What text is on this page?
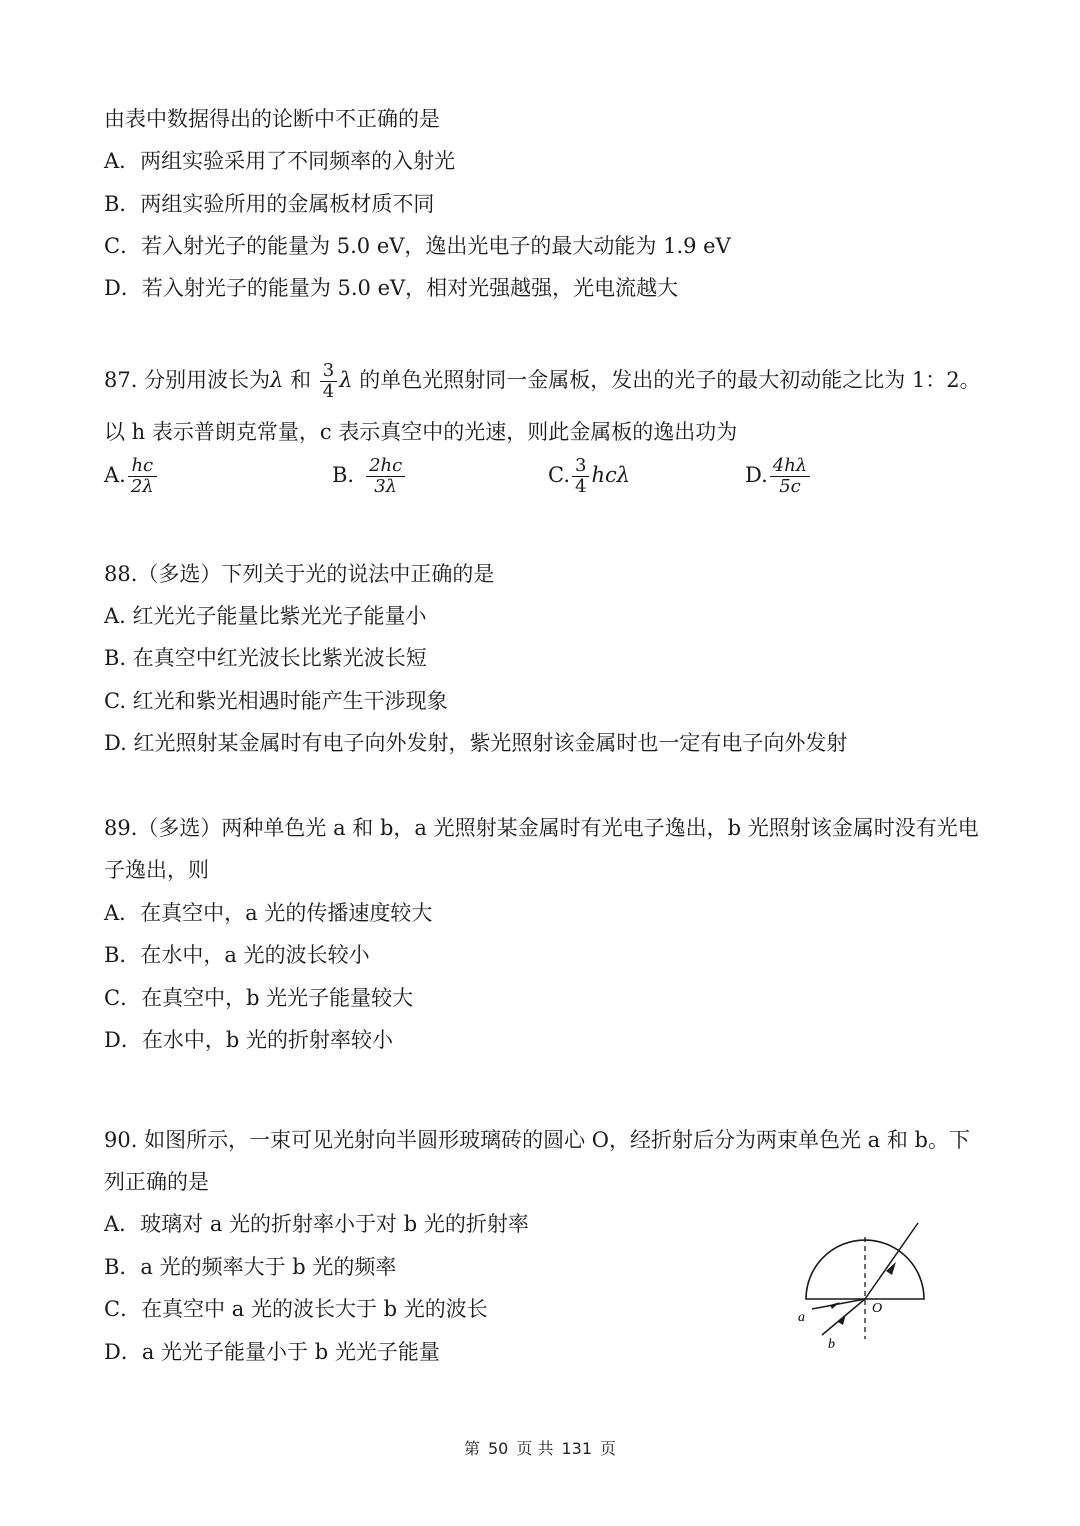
由表中数据得出的论断中不正确的是
A．两组实验采用了不同频率的入射光
B．两组实验所用的金属板材质不同
C．若入射光子的能量为 5.0 eV，逸出光电子的最大动能为 1.9 eV
D．若入射光子的能量为 5.0 eV，相对光强越强，光电流越大
87. 分别用波长为λ 和 $\frac{3}{4}$ λ 的单色光照射同一金属板，发出的光子的最大初动能之比为 1：2。
以 h 表示普朗克常量，c 表示真空中的光速，则此金属板的逸出功为
A. $\frac{hc}{2\lambda}$	B. $\frac{2hc}{3\lambda}$	C. $\frac{3}{4}$ hcλ	D. $\frac{4h\lambda}{5c}$
88.（多选）下列关于光的说法中正确的是
A. 红光光子能量比紫光光子能量小
B. 在真空中红光波长比紫光波长短
C. 红光和紫光相遇时能产生干涉现象
D. 红光照射某金属时有电子向外发射，紫光照射该金属时也一定有电子向外发射
89.（多选）两种单色光 a 和 b，a 光照射某金属时有光电子逸出，b 光照射该金属时没有光电
子逸出，则
A．在真空中，a 光的传播速度较大
B．在水中，a 光的波长较小
C．在真空中，b 光光子能量较大
D．在水中，b 光的折射率较小
90. 如图所示，一束可见光射向半圆形玻璃砖的圆心 O，经折射后分为两束单色光 a 和 b。下
列正确的是
A．玻璃对 a 光的折射率小于对 b 光的折射率
B．a 光的频率大于 b 光的频率
C．在真空中 a 光的波长大于 b 光的波长
D．a 光光子能量小于 b 光光子能量
a
b
O
第 50 页 共 131 页
